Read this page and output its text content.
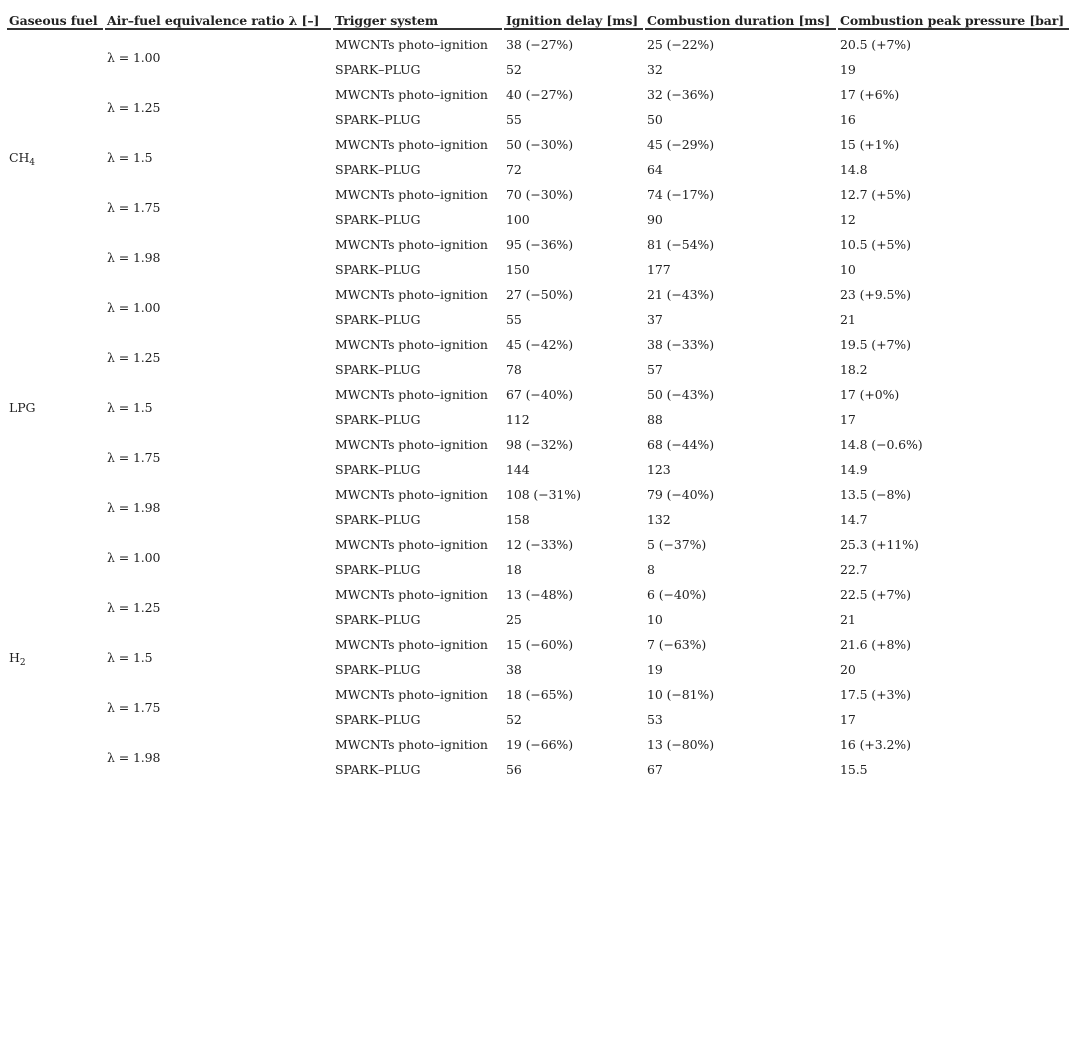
Gaseous fuel	Air–fuel equivalence ratio λ [–]	Trigger system	Ignition delay [ms]	Combustion duration [ms]	Combustion peak pressure [bar]
$CH_4$	λ = 1.00	MWCNTs photo–ignition	38 (−27%)	25 (−22%)	20.5 (+7%)
		SPARK–PLUG	52	32	19
	λ = 1.25	MWCNTs photo–ignition	40 (−27%)	32 (−36%)	17 (+6%)
		SPARK–PLUG	55	50	16
	λ = 1.5	MWCNTs photo–ignition	50 (−30%)	45 (−29%)	15 (+1%)
		SPARK–PLUG	72	64	14.8
	λ = 1.75	MWCNTs photo–ignition	70 (−30%)	74 (−17%)	12.7 (+5%)
		SPARK–PLUG	100	90	12
	λ = 1.98	MWCNTs photo–ignition	95 (−36%)	81 (−54%)	10.5 (+5%)
		SPARK–PLUG	150	177	10
LPG	λ = 1.00	MWCNTs photo–ignition	27 (−50%)	21 (−43%)	23 (+9.5%)
		SPARK–PLUG	55	37	21
	λ = 1.25	MWCNTs photo–ignition	45 (−42%)	38 (−33%)	19.5 (+7%)
		SPARK–PLUG	78	57	18.2
	λ = 1.5	MWCNTs photo–ignition	67 (−40%)	50 (−43%)	17 (+0%)
		SPARK–PLUG	112	88	17
	λ = 1.75	MWCNTs photo–ignition	98 (−32%)	68 (−44%)	14.8 (−0.6%)
		SPARK–PLUG	144	123	14.9
	λ = 1.98	MWCNTs photo–ignition	108 (−31%)	79 (−40%)	13.5 (−8%)
		SPARK–PLUG	158	132	14.7
$H_2$	λ = 1.00	MWCNTs photo–ignition	12 (−33%)	5 (−37%)	25.3 (+11%)
		SPARK–PLUG	18	8	22.7
	λ = 1.25	MWCNTs photo–ignition	13 (−48%)	6 (−40%)	22.5 (+7%)
		SPARK–PLUG	25	10	21
	λ = 1.5	MWCNTs photo–ignition	15 (−60%)	7 (−63%)	21.6 (+8%)
		SPARK–PLUG	38	19	20
	λ = 1.75	MWCNTs photo–ignition	18 (−65%)	10 (−81%)	17.5 (+3%)
		SPARK–PLUG	52	53	17
	λ = 1.98	MWCNTs photo–ignition	19 (−66%)	13 (−80%)	16 (+3.2%)
		SPARK–PLUG	56	67	15.5
